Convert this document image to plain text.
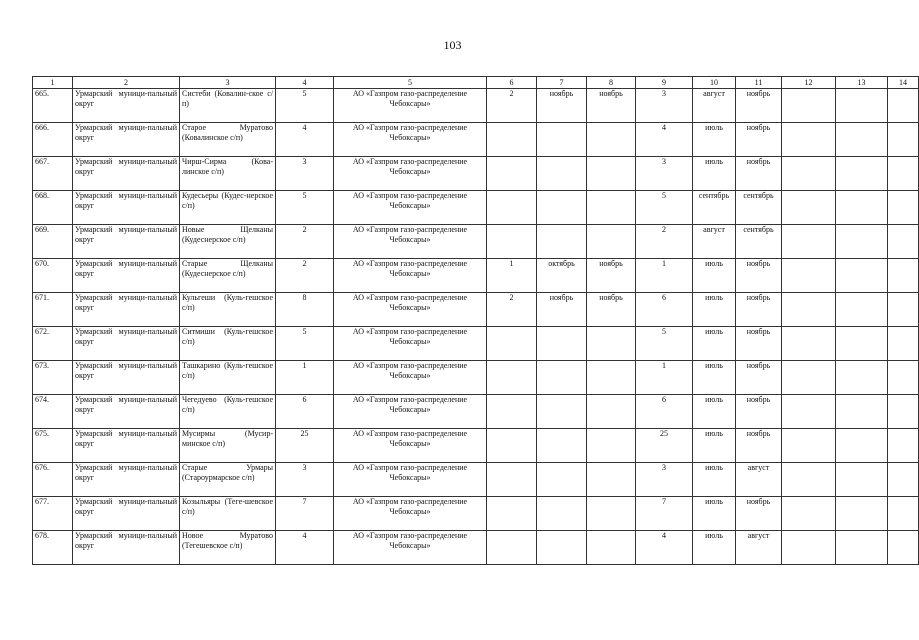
103
1	2	3	4	5	6	7	8	9	10	11	12	13	14
665.	Урмарский муници-пальный округ	Систеби (Ковалин-ское с/п)	5	АО «Газпром газо-распределение Чебоксары»	2	ноябрь	ноябрь	3	август	ноябрь			
666.	Урмарский муници-пальный округ	Старое Муратово (Ковалинское с/п)	4	АО «Газпром газо-распределение Чебоксары»				4	июль	ноябрь			
667.	Урмарский муници-пальный округ	Чирш-Сирма (Кова-линское с/п)	3	АО «Газпром газо-распределение Чебоксары»				3	июль	ноябрь			
668.	Урмарский муници-пальный округ	Кудесьеры (Кудес-нерское с/п)	5	АО «Газпром газо-распределение Чебоксары»				5	сентябрь	сентябрь			
669.	Урмарский муници-пальный округ	Новые Щелканы (Кудеснерское с/п)	2	АО «Газпром газо-распределение Чебоксары»				2	август	сентябрь			
670.	Урмарский муници-пальный округ	Старые Щелканы (Кудеснерское с/п)	2	АО «Газпром газо-распределение Чебоксары»	1	октябрь	ноябрь	1	июль	ноябрь			
671.	Урмарский муници-пальный округ	Кульгеши (Куль-гешское с/п)	8	АО «Газпром газо-распределение Чебоксары»	2	ноябрь	ноябрь	6	июль	ноябрь			
672.	Урмарский муници-пальный округ	Ситмиши (Куль-гешское с/п)	5	АО «Газпром газо-распределение Чебоксары»				5	июль	ноябрь			
673.	Урмарский муници-пальный округ	Ташкарино (Куль-гешское с/п)	1	АО «Газпром газо-распределение Чебоксары»				1	июль	ноябрь			
674.	Урмарский муници-пальный округ	Чегедуево (Куль-гешское с/п)	6	АО «Газпром газо-распределение Чебоксары»				6	июль	ноябрь			
675.	Урмарский муници-пальный округ	Мусирмы (Мусир-минское с/п)	25	АО «Газпром газо-распределение Чебоксары»				25	июль	ноябрь			
676.	Урмарский муници-пальный округ	Старые Урмары (Староурмарское с/п)	3	АО «Газпром газо-распределение Чебоксары»				3	июль	август			
677.	Урмарский муници-пальный округ	Козыльяры (Теге-шевское с/п)	7	АО «Газпром газо-распределение Чебоксары»				7	июль	ноябрь			
678.	Урмарский муници-пальный округ	Новое Муратово (Тегешевское с/п)	4	АО «Газпром газо-распределение Чебоксары»				4	июль	август			
